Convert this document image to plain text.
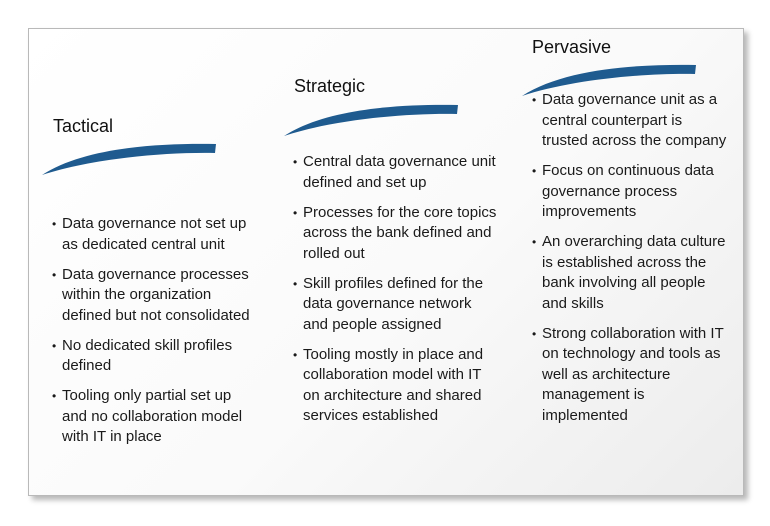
Tactical
• Data governance not set up as dedicated central unit
• Data governance processes within the organization defined but not consolidated
• No dedicated skill profiles defined
• Tooling only partial set up and no collaboration model with IT in place
Strategic
• Central data governance unit defined and set up
• Processes for the core topics across the bank defined and rolled out
• Skill profiles defined for the data governance network and people assigned
• Tooling mostly in place and collaboration model with IT on architecture and shared services established
Pervasive
• Data governance unit as a central counterpart is trusted across the company
• Focus on continuous data governance process improvements
• An overarching data culture is established across the bank involving all people and skills
• Strong collaboration with IT on technology and tools as well as architecture management is implemented
